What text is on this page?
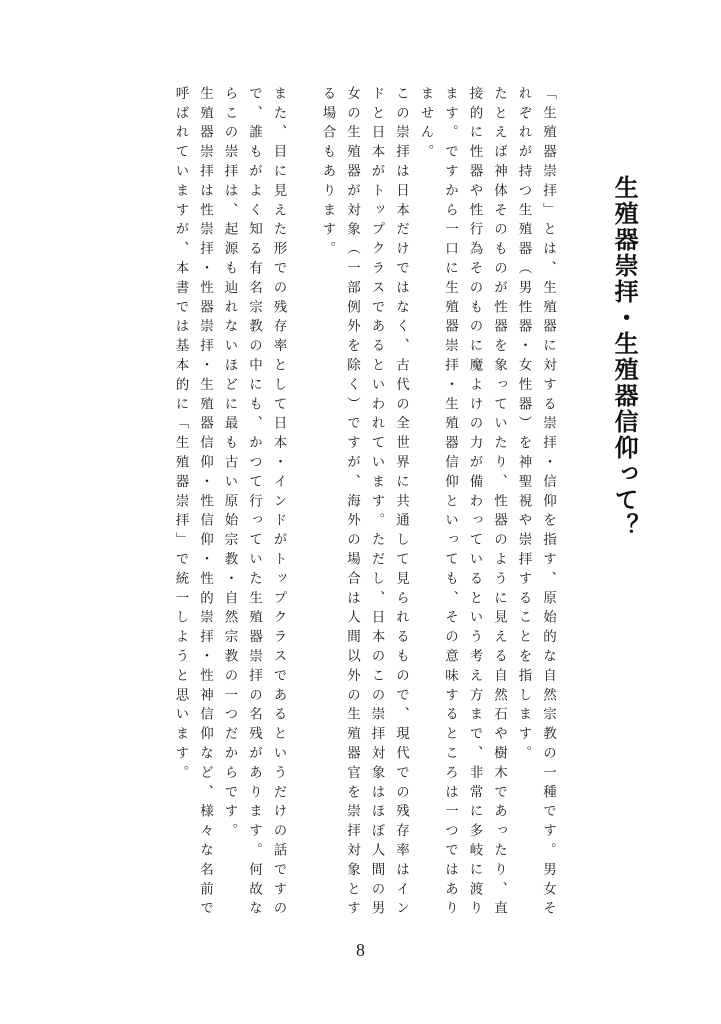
生殖器崇拝・生殖器信仰って？

「生殖器崇拝」とは、生殖器に対する崇拝・信仰を指す、原始的な自然宗教の一種です。男女それぞれが持つ生殖器（男性器・女性器）を神聖視や崇拝することを指します。

たとえば神体そのものが性器を象っていたり、性器のように見える自然石や樹木であったり、直接的に性器や性行為そのものに魔よけの力が備わっているという考え方まで、非常に多岐に渡ります。ですから一口に生殖器崇拝・生殖器信仰といっても、その意味するところは一つではありません。

この崇拝は日本だけではなく、古代の全世界に共通して見られるもので、現代での残存率はインドと日本がトップクラスであるといわれています。ただし、日本のこの崇拝対象はほぼ人間の男女の生殖器が対象（一部例外を除く）ですが、海外の場合は人間以外の生殖器官を崇拝対象とする場合もあります。

また、目に見えた形での残存率として日本・インドがトップクラスであるというだけの話ですので、誰もがよく知る有名宗教の中にも、かつて行っていた生殖器崇拝の名残があります。何故ならこの崇拝は、起源も辿れないほどに最も古い原始宗教・自然宗教の一つだからです。

生殖器崇拝は性崇拝・性器崇拝・生殖器信仰・性信仰・性的崇拝・性神信仰など、様々な名前で呼ばれていますが、本書では基本的に「生殖器崇拝」で統一しようと思います。

8
